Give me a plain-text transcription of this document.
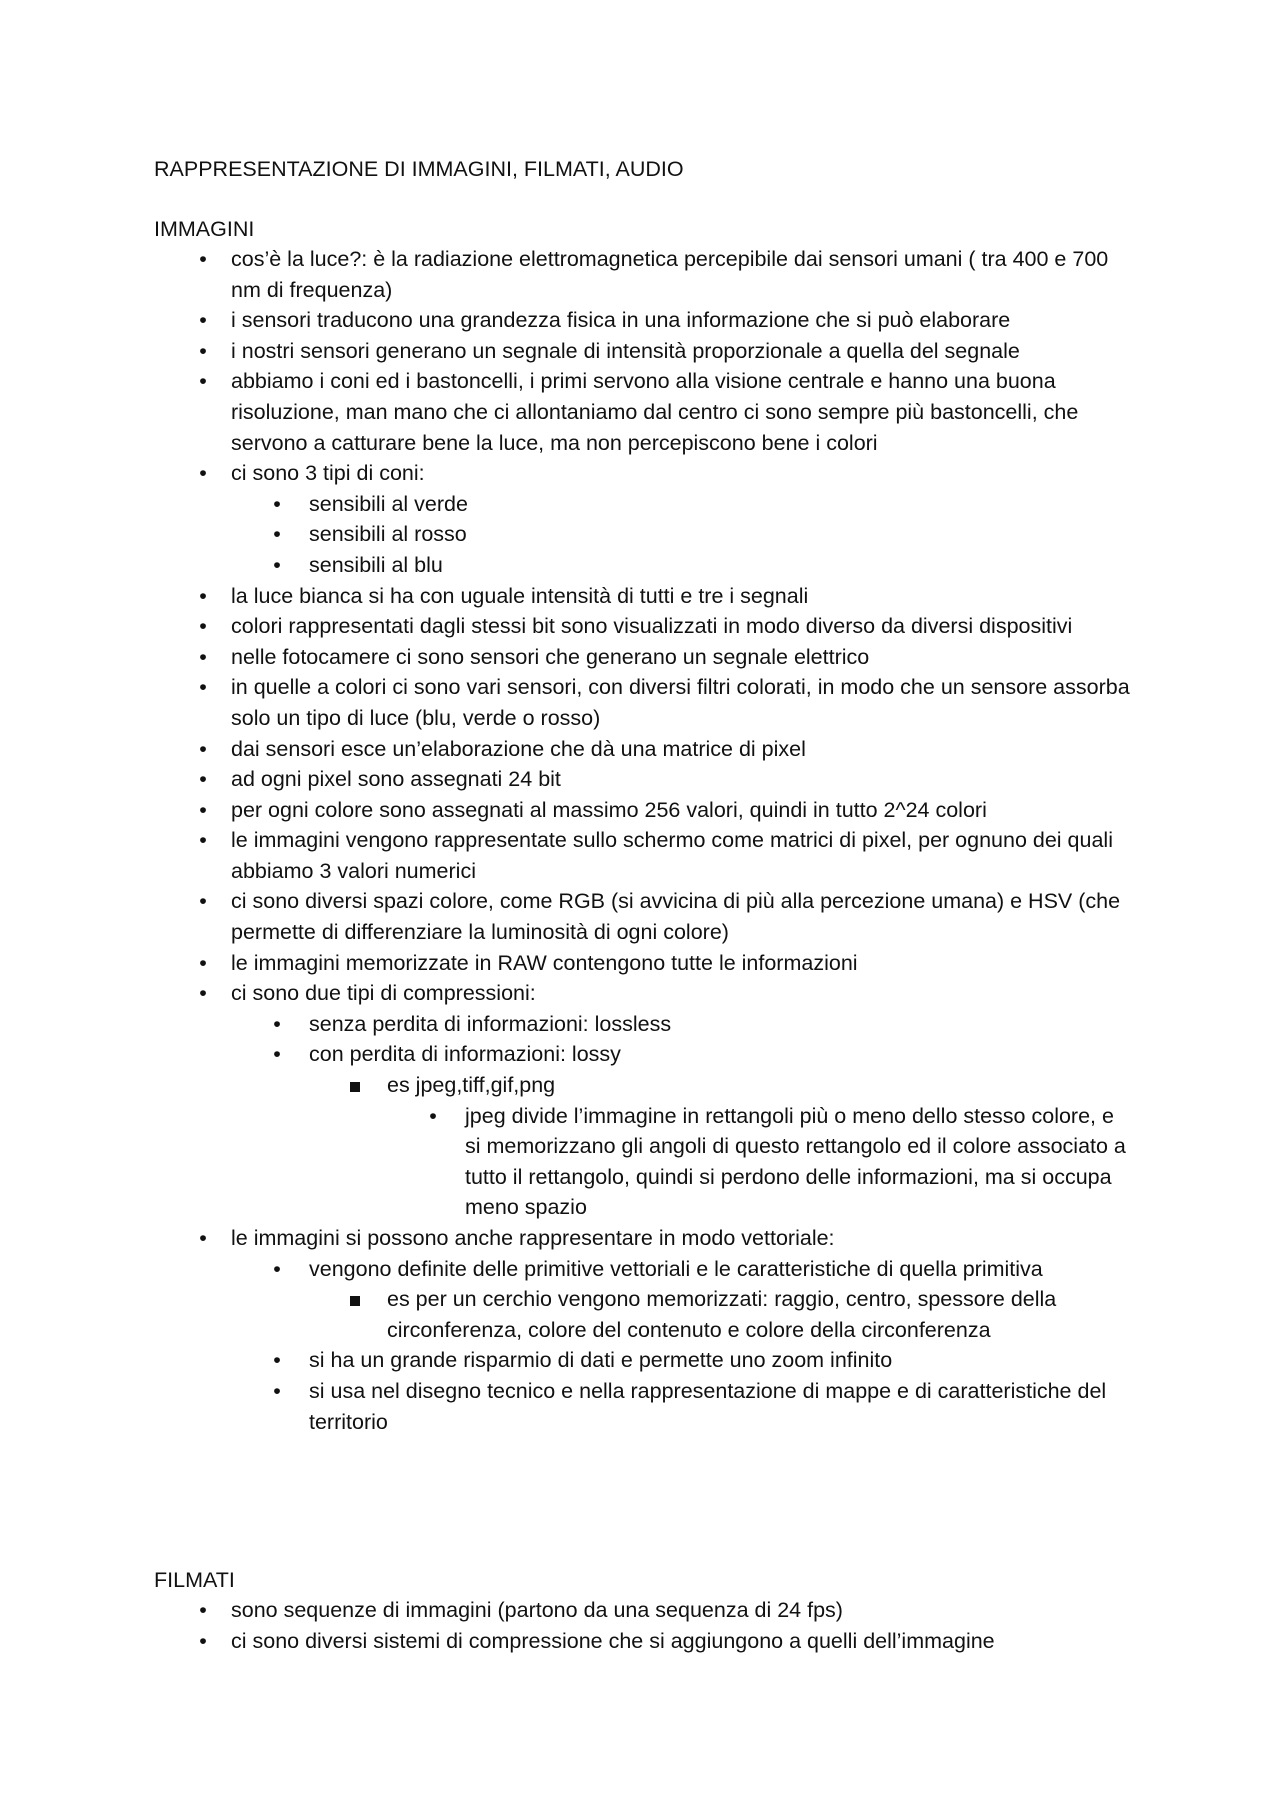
RAPPRESENTAZIONE DI IMMAGINI, FILMATI, AUDIO
IMMAGINI
• cos’è la luce?: è la radiazione elettromagnetica percepibile dai sensori umani ( tra 400 e 700 nm di frequenza)
• i sensori traducono una grandezza fisica in una informazione che si può elaborare
• i nostri sensori generano un segnale di intensità proporzionale a quella del segnale
• abbiamo i coni ed i bastoncelli, i primi servono alla visione centrale e hanno una buona risoluzione, man mano che ci allontaniamo dal centro ci sono sempre più bastoncelli, che servono a catturare bene la luce, ma non percepiscono bene i colori
• ci sono 3 tipi di coni:
• sensibili al verde
• sensibili al rosso
• sensibili al blu
• la luce bianca si ha con uguale intensità di tutti e tre i segnali
• colori rappresentati dagli stessi bit sono visualizzati in modo diverso da diversi dispositivi
• nelle fotocamere ci sono sensori che generano un segnale elettrico
• in quelle a colori ci sono vari sensori, con diversi filtri colorati, in modo che un sensore assorba solo un tipo di luce (blu, verde o rosso)
• dai sensori esce un’elaborazione che dà una matrice di pixel
• ad ogni pixel sono assegnati 24 bit
• per ogni colore sono assegnati al massimo 256 valori, quindi in tutto 2^24 colori
• le immagini vengono rappresentate sullo schermo come matrici di pixel, per ognuno dei quali abbiamo 3 valori numerici
• ci sono diversi spazi colore, come RGB (si avvicina di più alla percezione umana) e HSV (che permette di differenziare la luminosità di ogni colore)
• le immagini memorizzate in RAW contengono tutte le informazioni
• ci sono due tipi di compressioni:
• senza perdita di informazioni: lossless
• con perdita di informazioni: lossy
es jpeg,tiff,gif,png
• jpeg divide l’immagine in rettangoli più o meno dello stesso colore, e si memorizzano gli angoli di questo rettangolo ed il colore associato a tutto il rettangolo, quindi si perdono delle informazioni, ma si occupa meno spazio
• le immagini si possono anche rappresentare in modo vettoriale:
• vengono definite delle primitive vettoriali e le caratteristiche di quella primitiva
es per un cerchio vengono memorizzati: raggio, centro, spessore della circonferenza, colore del contenuto e colore della circonferenza
• si ha un grande risparmio di dati e permette uno zoom infinito
• si usa nel disegno tecnico e nella rappresentazione di mappe e di caratteristiche del territorio
FILMATI
• sono sequenze di immagini (partono da una sequenza di 24 fps)
• ci sono diversi sistemi di compressione che si aggiungono a quelli dell’immagine
